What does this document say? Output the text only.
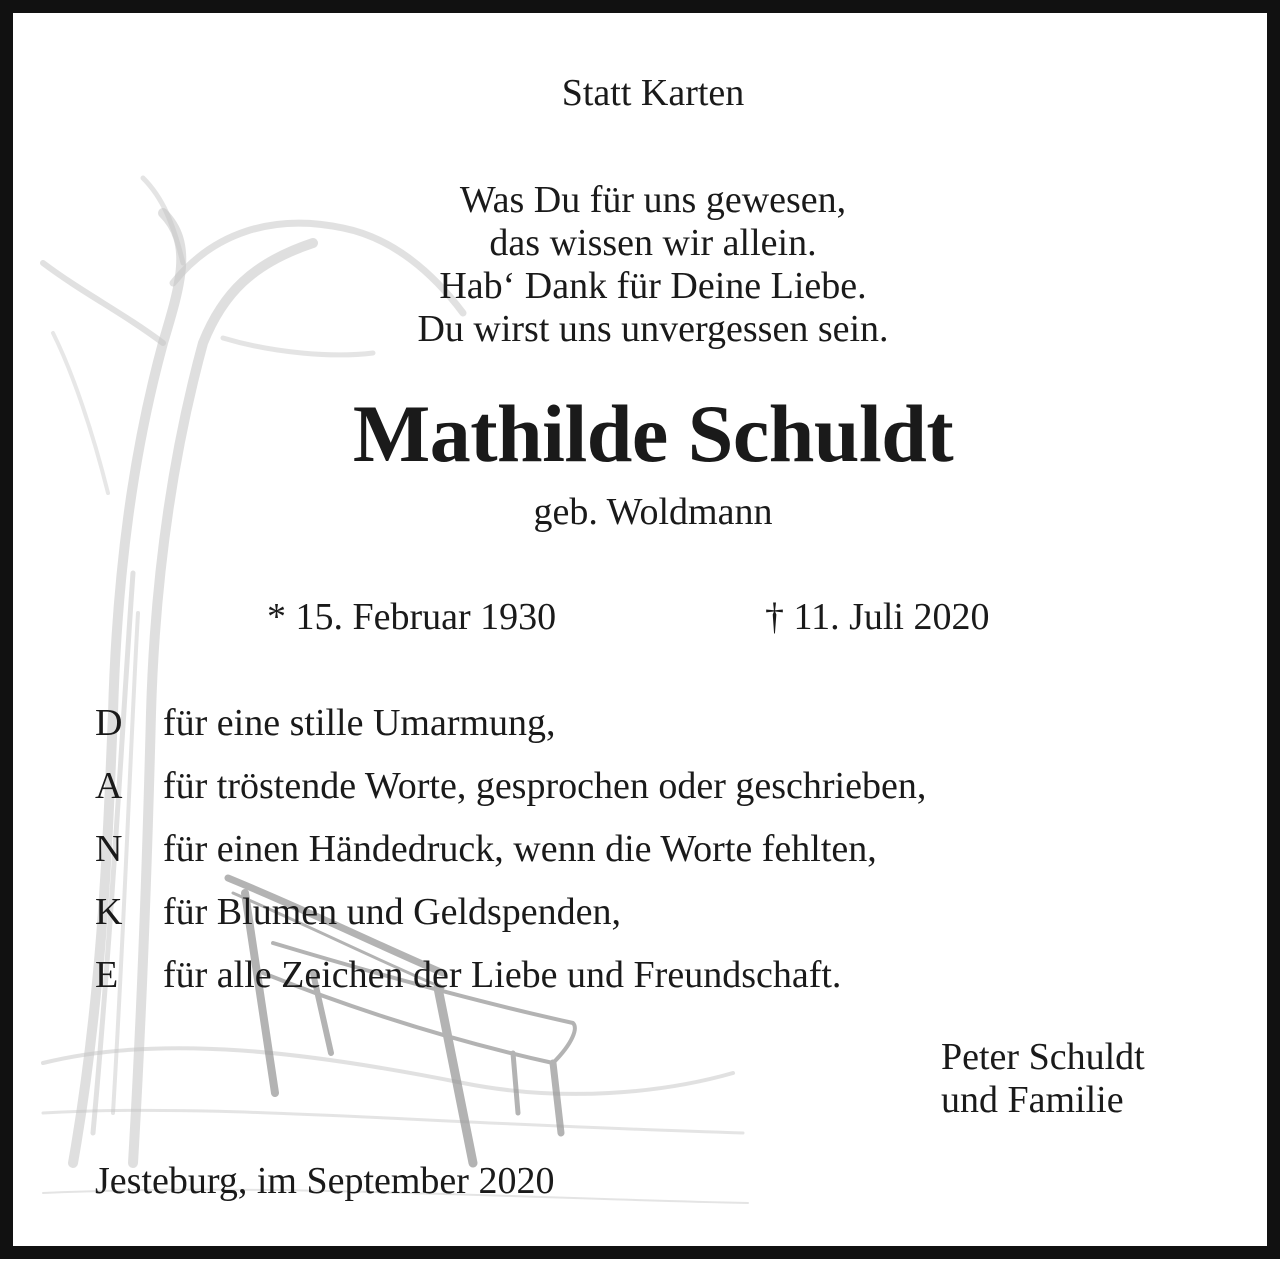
Statt Karten
Was Du für uns gewesen,
das wissen wir allein.
Hab‘ Dank für Deine Liebe.
Du wirst uns unvergessen sein.
Mathilde Schuldt
geb. Woldmann
* 15. Februar 1930	† 11. Juli 2020
D für eine stille Umarmung,
A für tröstende Worte, gesprochen oder geschrieben,
N für einen Händedruck, wenn die Worte fehlten,
K für Blumen und Geldspenden,
E für alle Zeichen der Liebe und Freundschaft.
Peter Schuldt
und Familie
Jesteburg, im September 2020
